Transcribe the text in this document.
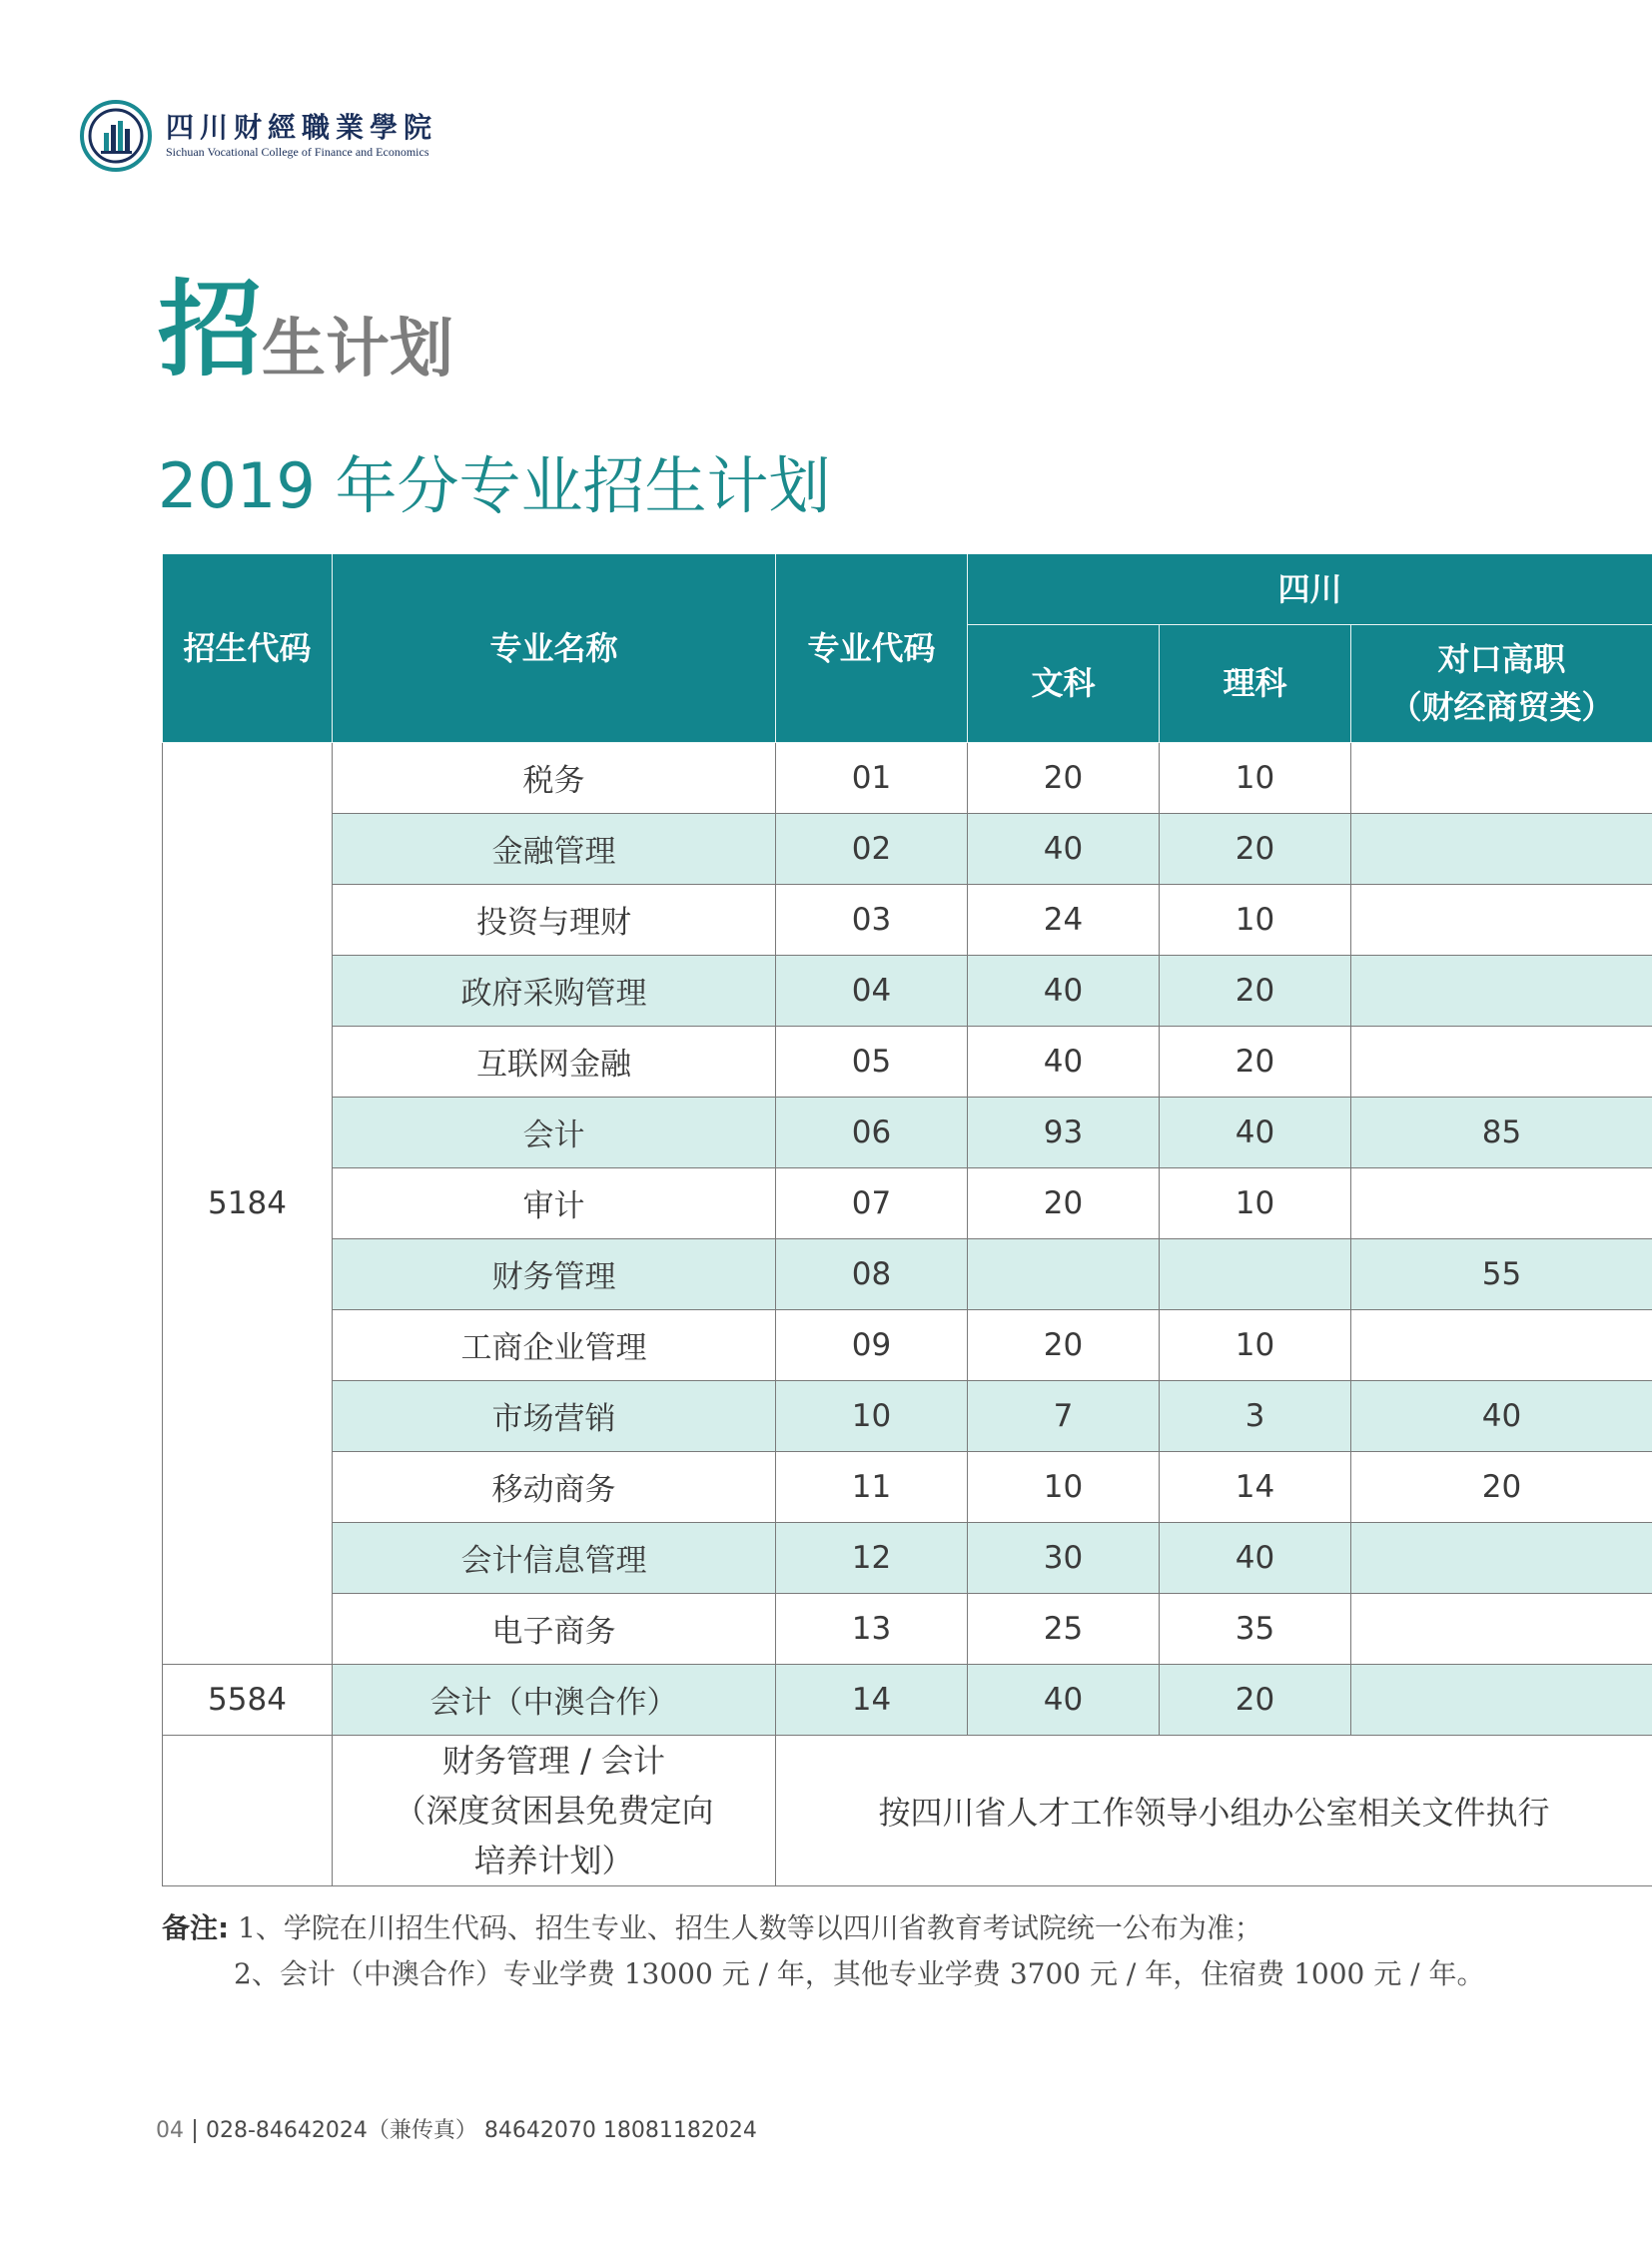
四川财經職業學院
Sichuan Vocational College of Finance and Economics
招生计划
2019 年分专业招生计划
招生代码	专业名称	专业代码	四川		
			文科	理科	对口高职
（财经商贸类）

5184	税务	01	20	10	
	金融管理	02	40	20	
	投资与理财	03	24	10	
	政府采购管理	04	40	20	
	互联网金融	05	40	20	
	会计	06	93	40	85
	审计	07	20	10	
	财务管理	08			55
	工商企业管理	09	20	10	
	市场营销	10	7	3	40
	移动商务	11	10	14	20
	会计信息管理	12	30	40	
	电子商务	13	25	35	
5584	会计（中澳合作）	14	40	20	

	财务管理 / 会计
（深度贫困县免费定向
培养计划）	按四川省人才工作领导小组办公室相关文件执行			
备注: 1、学院在川招生代码、招生专业、招生人数等以四川省教育考试院统一公布为准；
2、会计（中澳合作）专业学费 13000 元 / 年，其他专业学费 3700 元 / 年，住宿费 1000 元 / 年。
04 028-84642024（兼传真） 84642070 18081182024
